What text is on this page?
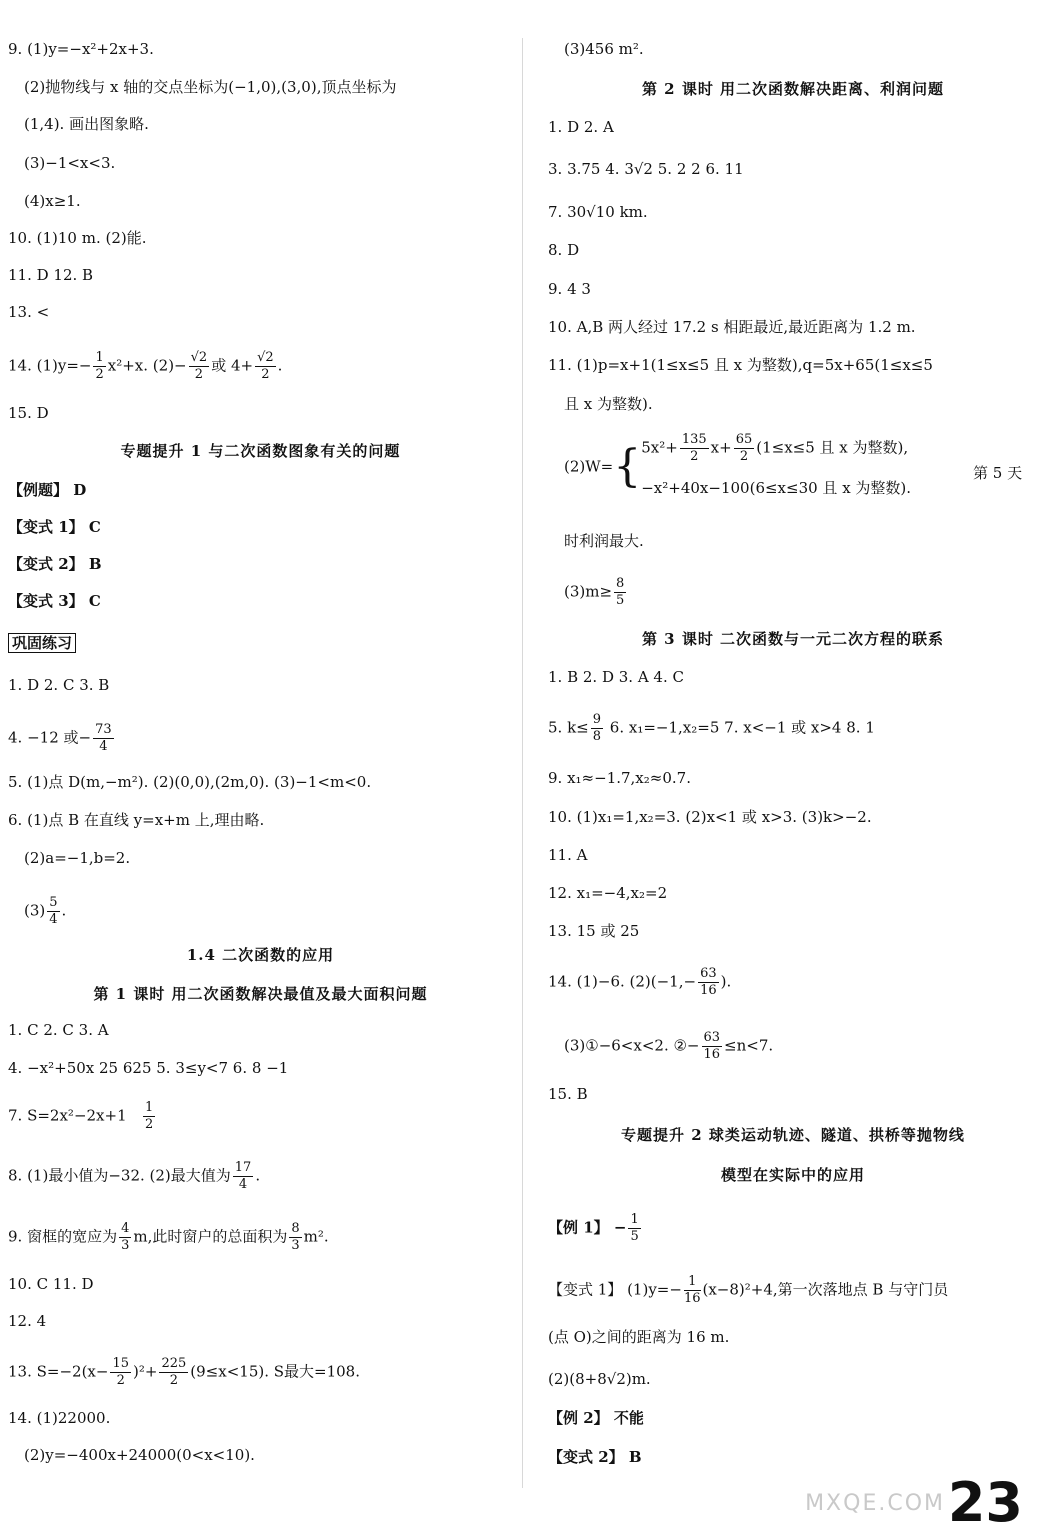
9. (1)y=−x²+2x+3.
(2)抛物线与 x 轴的交点坐标为(−1,0),(3,0),顶点坐标为
(1,4). 画出图象略.
(3)−1<x<3.
(4)x≥1.
10. (1)10 m. (2)能.
11. D 12. B
13. <
14. $(1)y=- \frac{1}{2} x^2+x$. $(2)- \frac{√2}{2}$ 或 $4+ \frac{√2}{2}$ .
15. D
专题提升 1 与二次函数图象有关的问题
【例题】 D
【变式 1】 C
【变式 2】 B
【变式 3】 C
巩固练习
1. D 2. C 3. B
4. −12 或− $\frac{73}{4}$
5. (1)点 D(m,−m²). (2)(0,0),(2m,0). (3)−1<m<0.
6. (1)点 B 在直线 y=x+m 上,理由略.
(2)a=−1,b=2.
$(3) \frac{5}{4}$ .
1.4 二次函数的应用
第 1 课时 用二次函数解决最值及最大面积问题
1. C 2. C 3. A
4. −x²+50x 25 625 5. 3≤y<7 6. 8 −1
7. $S=2x^2-2x+1 \frac{1}{2}$
8. (1)最小值为−32. (2)最大值为 $\frac{17}{4}$ .
9. 窗框的宽应为 $\frac{4}{3} m$,此时窗户的总面积为 $\frac{8}{3} m^2$.
10. C 11. D
12. 4
13. $S=-2(x- \frac{15}{2} )^2+ \frac{225}{2} (9\le x<15)$. S最大=108.
14. (1)22000.
(2)y=−400x+24000(0<x<10).
(3)456 m².
第 2 课时 用二次函数解决距离、利润问题
1. D 2. A
3. 3.75 4. 3√2 5. 2 2 6. 11
7. 30√10 km.
8. D
9. 4 3
10. A,B 两人经过 17.2 s 相距最近,最近距离为 1.2 m.
11. (1)p=x+1(1≤x≤5 且 x 为整数),q=5x+65(1≤x≤5
且 x 为整数).
(2)W={ $5x^2+ \frac{135}{2} x+ \frac{65}{2} (1\le x\le 5$ 且 x 为整数),
−x²+40x−100(6≤x≤30 且 x 为整数).
第 5 天
时利润最大.
$(3)m\ge \frac{8}{5}$
第 3 课时 二次函数与一元二次方程的联系
1. B 2. D 3. A 4. C
5. $k\le \frac{9}{8} 6$. x₁=−1,x₂=5 7. x<−1 或 x>4 8. 1
9. x₁≈−1.7,x₂≈0.7.
10. (1)x₁=1,x₂=3. (2)x<1 或 x>3. (3)k>−2.
11. A
12. x₁=−4,x₂=2
13. 15 或 25
14. (1)−6. $(2)(-1,- \frac{63}{16}$ ).
(3)①−6<x<2. ②− $\frac{63}{16} \le n<7$.
15. B
专题提升 2 球类运动轨迹、隧道、拱桥等抛物线
模型在实际中的应用
【例 1】 − $\frac{1}{5}$
【变式 1】 $(1)y=- \frac{1}{16} (x-8)^2+4$,第一次落地点 B 与守门员
(点 O)之间的距离为 16 m.
(2)(8+8√2)m.
【例 2】 不能
【变式 2】 B
MXQE.COM 23
